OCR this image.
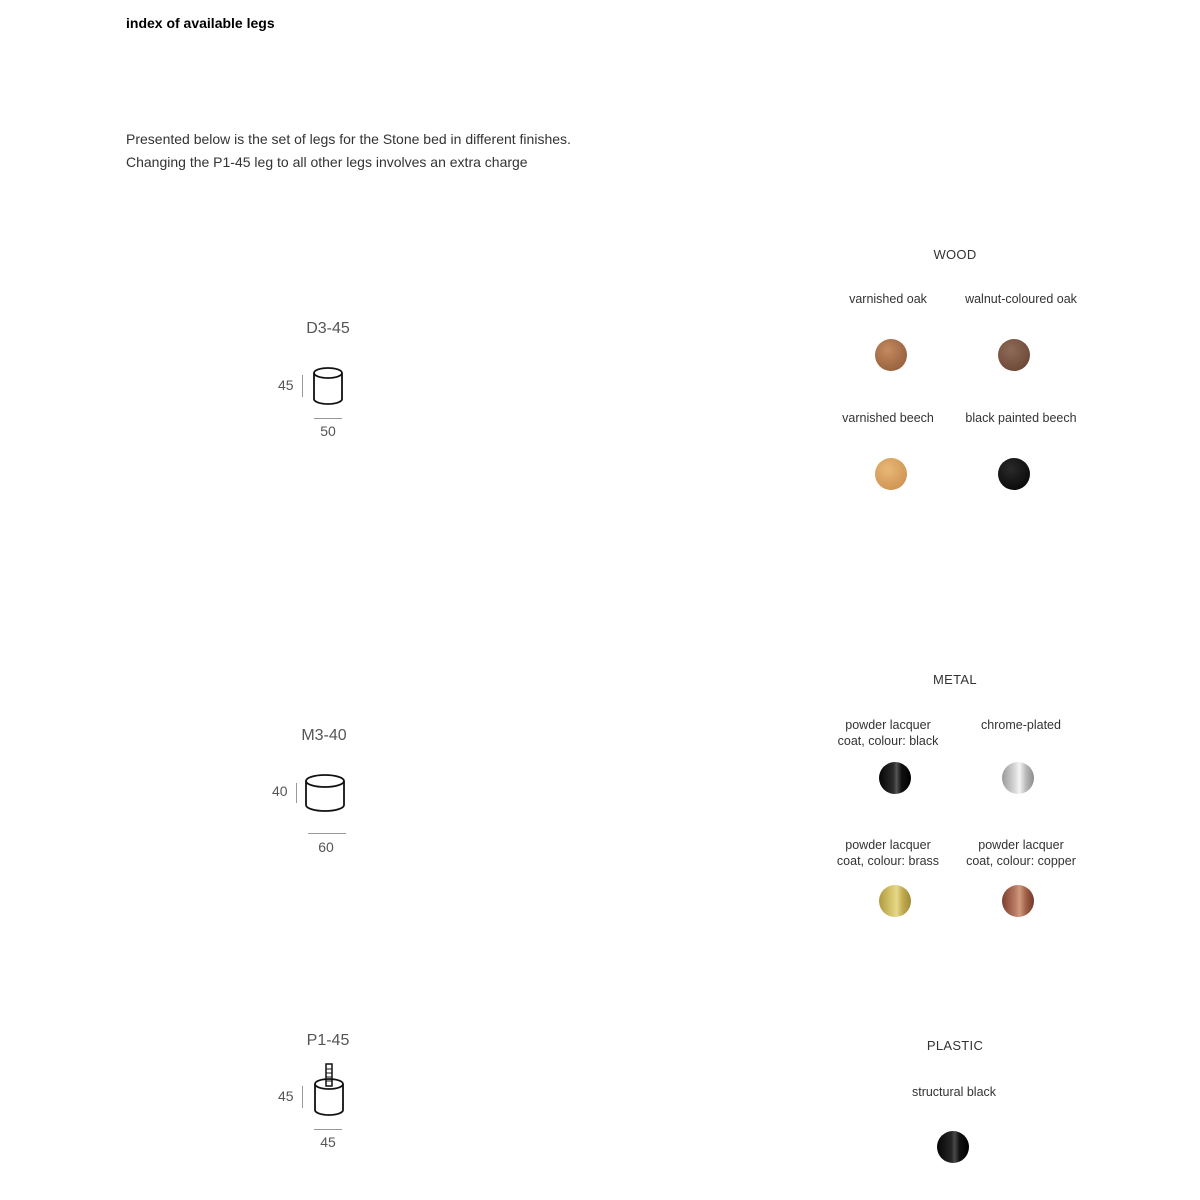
index of available legs
Presented below is the set of legs for the Stone bed in different finishes.
Changing the P1-45 leg to all other legs involves an extra charge
D3-45
45
50
M3-40
40
60
P1-45
45
45
WOOD
varnished oak	walnut-coloured oak
varnished beech	black painted beech
METAL
powder lacquer
coat, colour: black
chrome-plated
powder lacquer
coat, colour: brass
powder lacquer
coat, colour: copper
PLASTIC
structural black
